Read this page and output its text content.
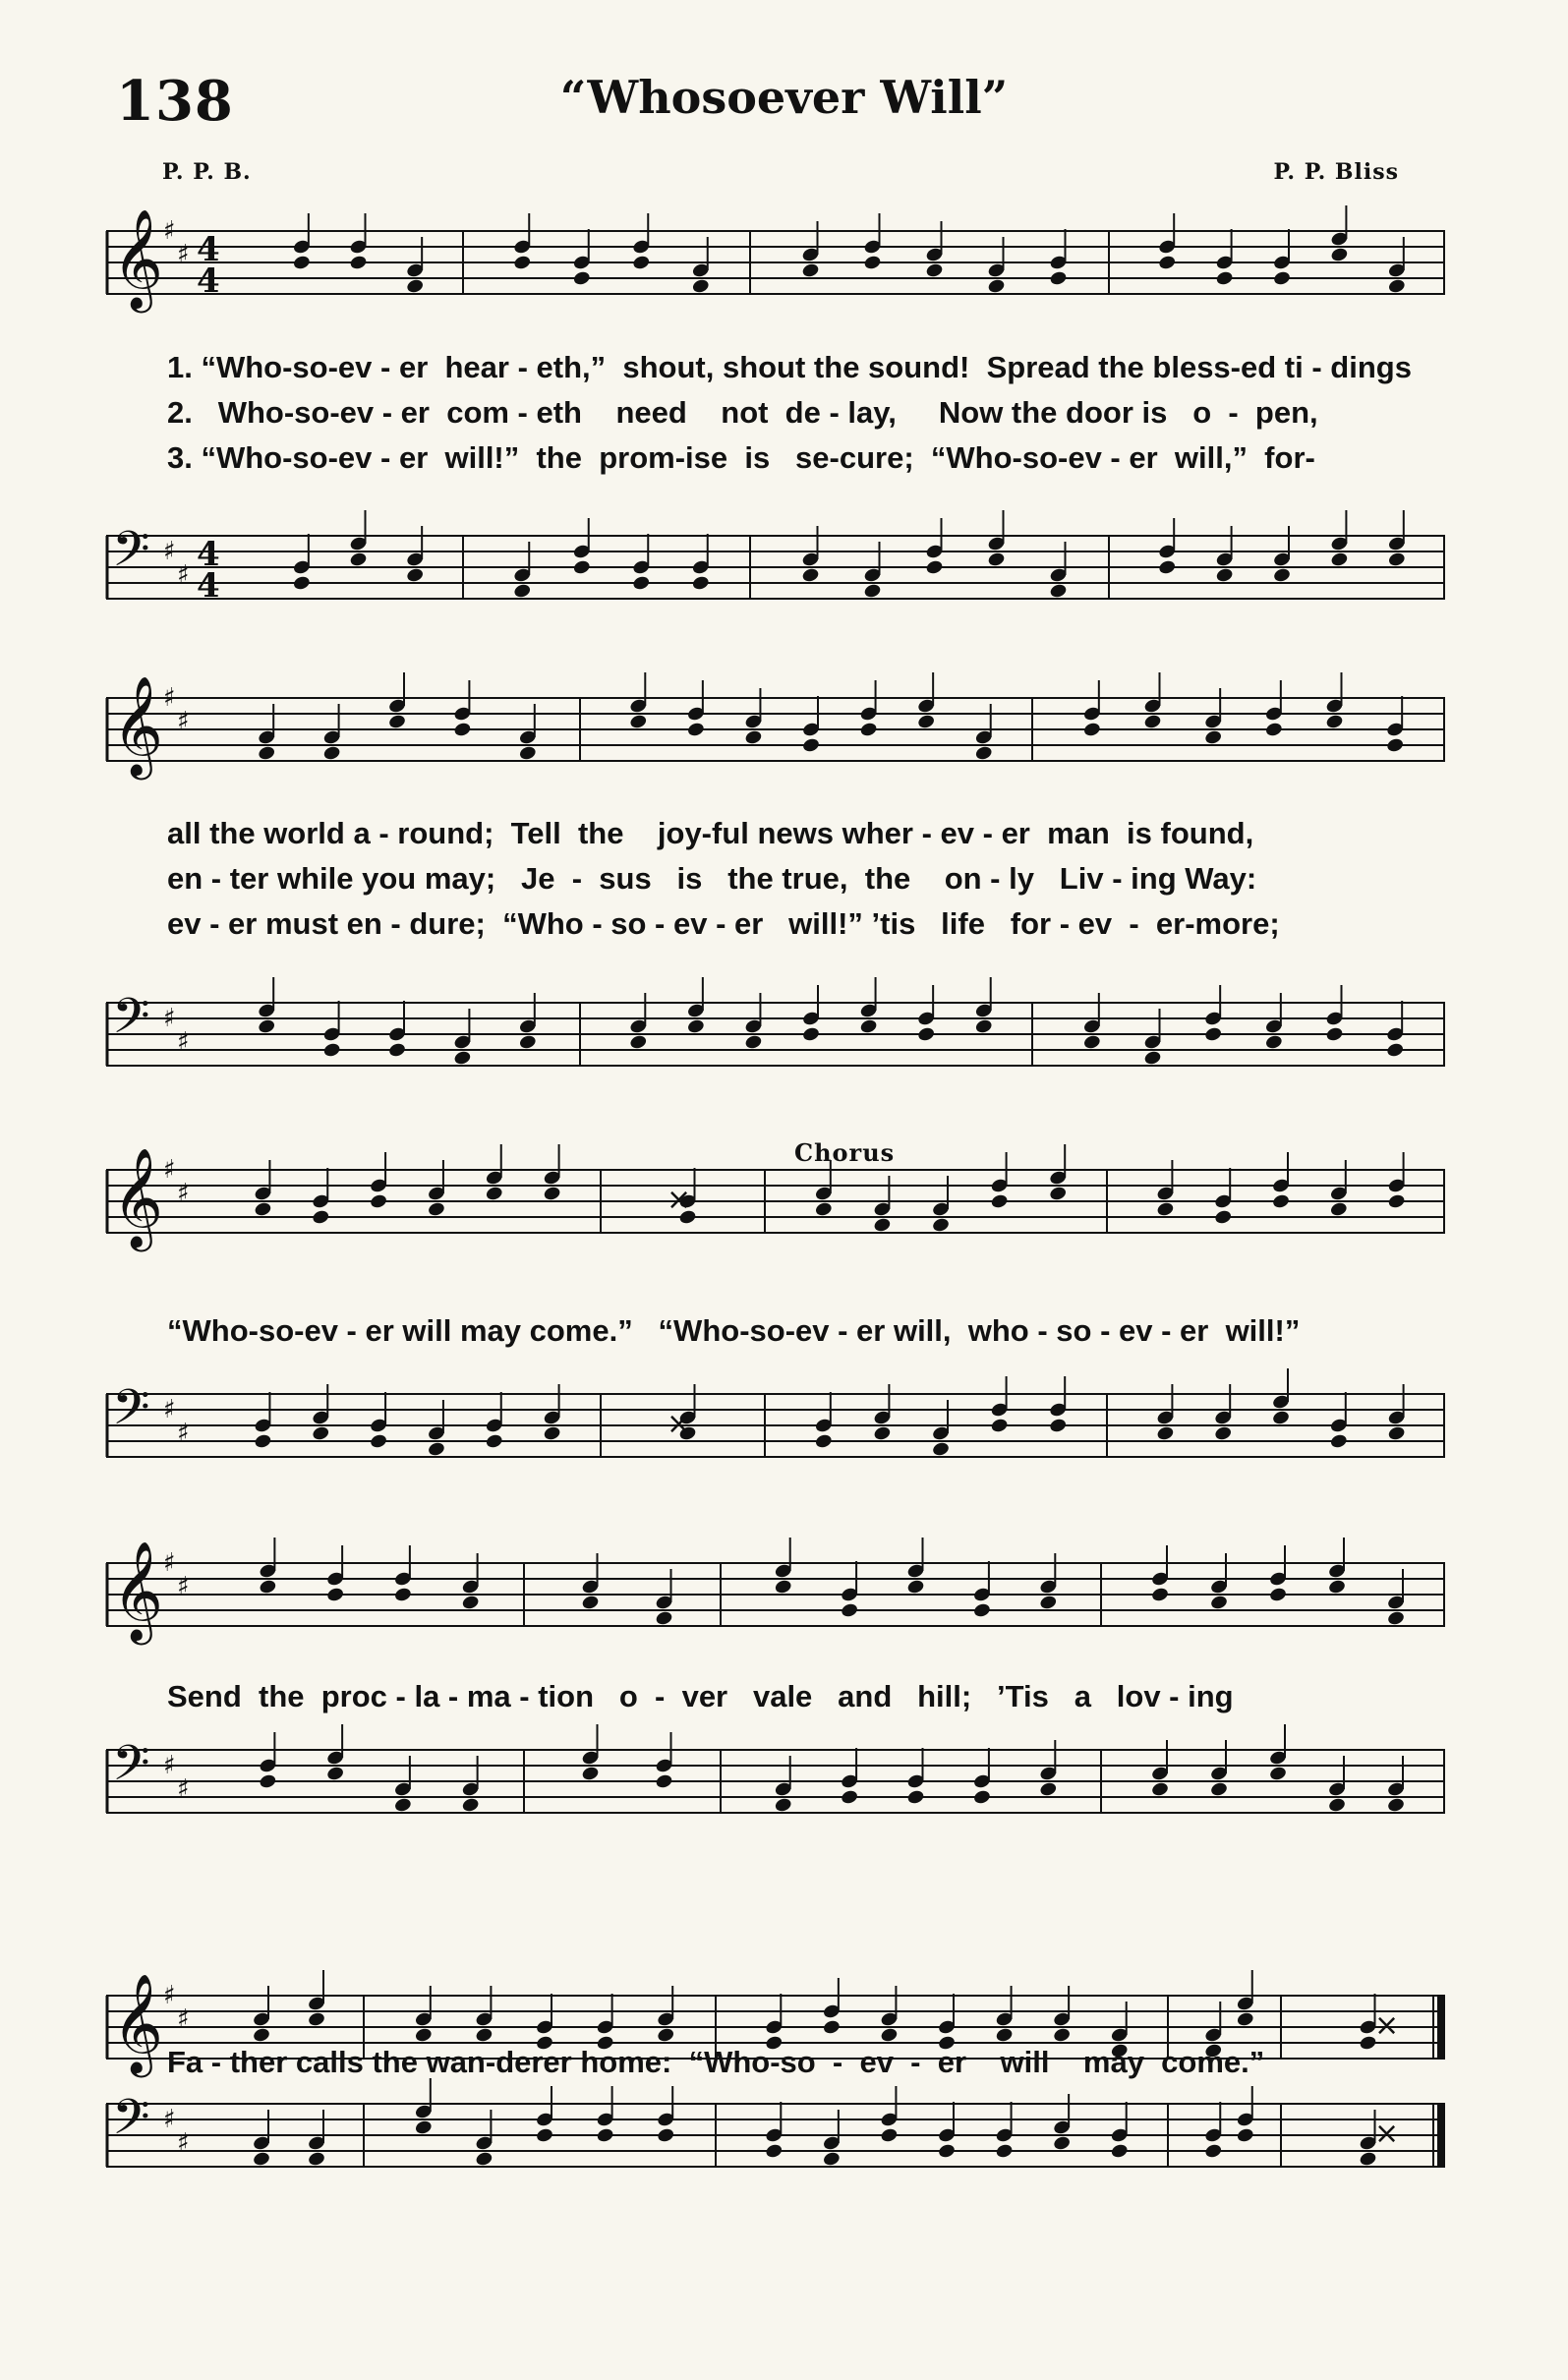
138	“Whosoever Will”
P. P. B.	P. P. Bliss
𝄞 ♯
♯ 4
4
1. “Who-so-ev - er  hear - eth,”  shout, shout the sound!  Spread the bless-ed ti - dings
2.   Who-so-ev - er  com - eth    need    not  de - lay,     Now the door is   o  -  pen,
3. “Who-so-ev - er  will!”  the  prom-ise  is   se-cure;  “Who-so-ev - er  will,”  for-
𝄢 ♯
♯
4
4
𝄞 ♯
♯
all the world a - round;  Tell  the    joy-ful news wher - ev - er  man  is found,
en - ter while you may;   Je  -  sus   is   the true,  the    on - ly   Liv - ing Way:
ev - er must en - dure;  “Who - so - ev - er   will!” ’tis   life   for - ev  -  er-more;
𝄢 ♯
♯
Chorus
𝄞 ♯
♯	×
“Who-so-ev - er will may come.”   “Who-so-ev - er will,  who - so - ev - er  will!”
𝄢 ♯
♯	×
𝄞 ♯
♯
Send  the  proc - la - ma - tion   o  -  ver   vale   and   hill;   ’Tis   a   lov - ing
𝄢 ♯
♯
𝄞 ♯
♯	×
Fa - ther calls the wan-derer home:  “Who-so  -  ev  -  er    will    may  come.”
𝄢 ♯
♯	×
